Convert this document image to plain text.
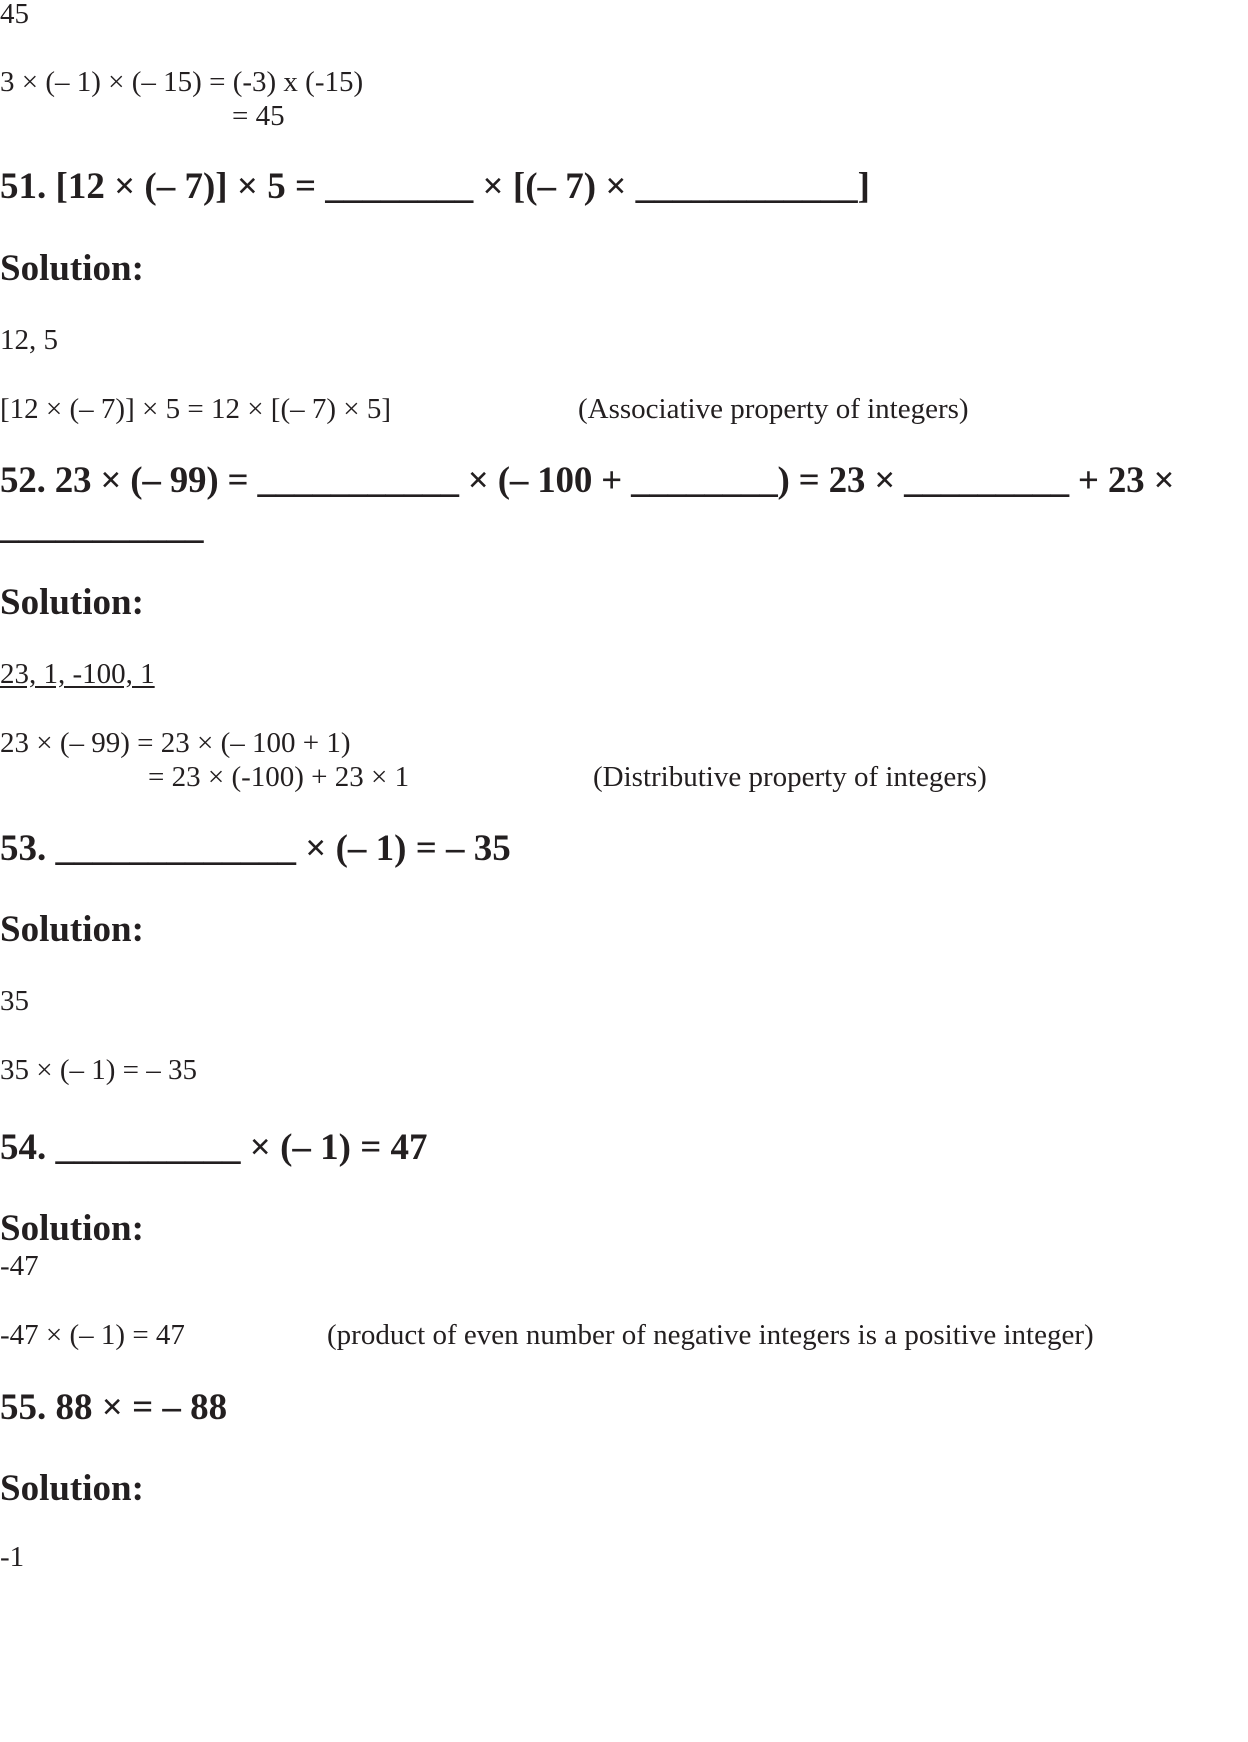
45
3 × (– 1) × (– 15) = (-3) x (-15)
= 45
51. [12 × (– 7)] × 5 = ________ × [(– 7) × ____________]
Solution:
12, 5
[12 × (– 7)] × 5 = 12 × [(– 7) × 5]	(Associative property of integers)
52. 23 × (– 99) = ___________ × (– 100 + ________) = 23 × _________ + 23 ×
___________
Solution:
23, 1, -100, 1
23 × (– 99) = 23 × (– 100 + 1)
= 23 × (-100) + 23 × 1	(Distributive property of integers)
53. _____________ × (– 1) = – 35
Solution:
35
35 × (– 1) = – 35
54. __________ × (– 1) = 47
Solution:
-47
-47 × (– 1) = 47	(product of even number of negative integers is a positive integer)
55. 88 × = – 88
Solution:
-1
